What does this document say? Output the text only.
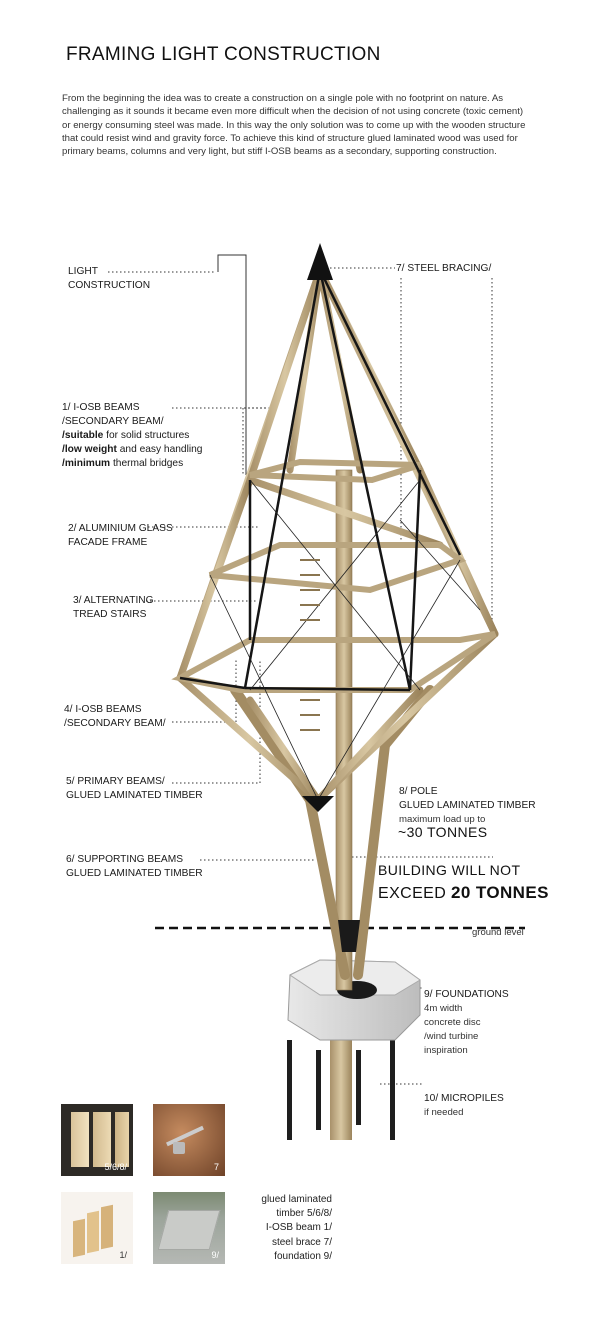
FRAMING LIGHT CONSTRUCTION
From the beginning the idea was to create a construction on a single pole with no footprint on nature. As challenging as it sounds it became even more difficult when the decision of not using concrete (toxic cement) or energy consuming steel was made. In this way the only solution was to come up with the wooden structure that could resist wind and gravity force. To achieve this kind of structure glued laminated wood was used for primary beams, columns and very light, but stiff I-OSB beams as a secondary, supporting construction.
LIGHT
CONSTRUCTION
1/ I-OSB BEAMS
/SECONDARY BEAM/
/suitable for solid structures
/low weight and easy handling
/minimum thermal bridges
2/ ALUMINIUM GLASS
FACADE FRAME
3/ ALTERNATING
TREAD STAIRS
4/ I-OSB BEAMS
/SECONDARY BEAM/
5/ PRIMARY BEAMS/
GLUED LAMINATED TIMBER
6/ SUPPORTING BEAMS
GLUED LAMINATED TIMBER
7/ STEEL BRACING/
8/ POLE
GLUED LAMINATED TIMBER
maximum load up to
~30 TONNES
BUILDING WILL NOT
EXCEED 20 TONNES
ground level
9/ FOUNDATIONS
4m width
concrete disc
/wind turbine
inspiration
10/ MICROPILES
if needed
5/6/8/	7
1/	9/
glued laminated
timber 5/6/8/
I-OSB beam 1/
steel brace 7/
foundation 9/
